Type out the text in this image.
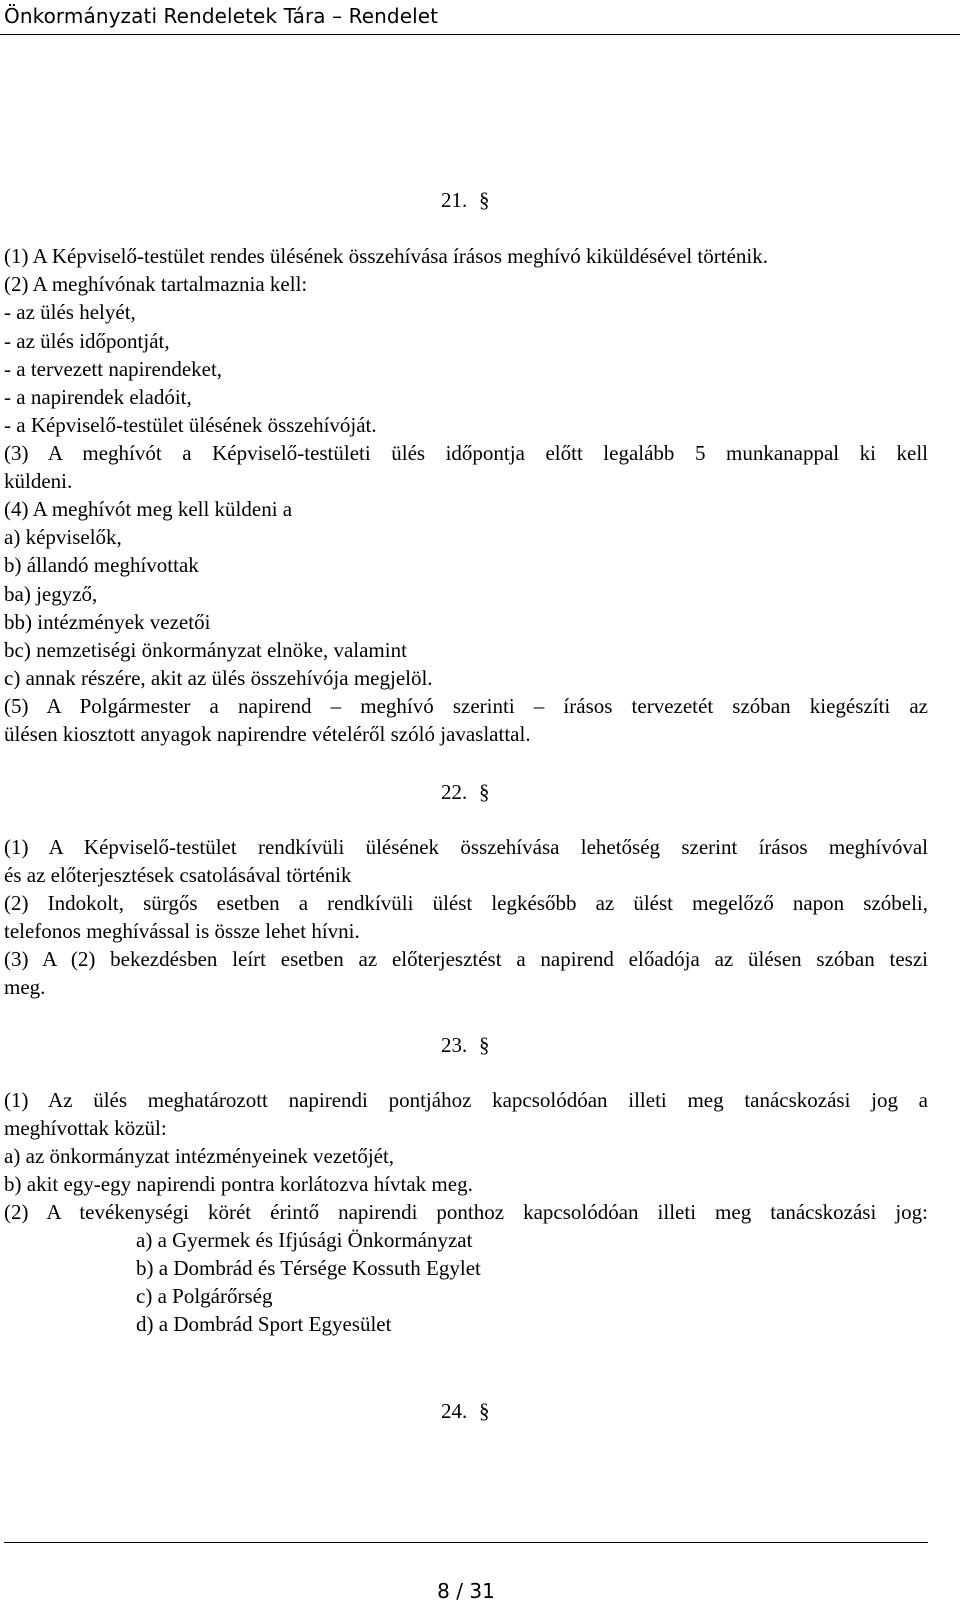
Önkormányzati Rendeletek Tára – Rendelet
21. §
(1) A Képviselő-testület rendes ülésének összehívása írásos meghívó kiküldésével történik.
(2) A meghívónak tartalmaznia kell:
- az ülés helyét,
- az ülés időpontját,
- a tervezett napirendeket,
- a napirendek eladóit,
- a Képviselő-testület ülésének összehívóját.
(3) A meghívót a Képviselő-testületi ülés időpontja előtt legalább 5 munkanappal ki kell
küldeni.
(4) A meghívót meg kell küldeni a
a) képviselők,
b) állandó meghívottak
ba) jegyző,
bb) intézmények vezetői
bc) nemzetiségi önkormányzat elnöke, valamint
c) annak részére, akit az ülés összehívója megjelöl.
(5) A Polgármester a napirend – meghívó szerinti – írásos tervezetét szóban kiegészíti az
ülésen kiosztott anyagok napirendre vételéről szóló javaslattal.
22. §
(1) A Képviselő-testület rendkívüli ülésének összehívása lehetőség szerint írásos meghívóval
és az előterjesztések csatolásával történik
(2) Indokolt, sürgős esetben a rendkívüli ülést legkésőbb az ülést megelőző napon szóbeli,
telefonos meghívással is össze lehet hívni.
(3) A (2) bekezdésben leírt esetben az előterjesztést a napirend előadója az ülésen szóban teszi
meg.
23. §
(1) Az ülés meghatározott napirendi pontjához kapcsolódóan illeti meg tanácskozási jog a
meghívottak közül:
a) az önkormányzat intézményeinek vezetőjét,
b) akit egy-egy napirendi pontra korlátozva hívtak meg.
(2) A tevékenységi körét érintő napirendi ponthoz kapcsolódóan illeti meg tanácskozási jog:
a) a Gyermek és Ifjúsági Önkormányzat
b) a Dombrád és Térsége Kossuth Egylet
c) a Polgárőrség
d) a Dombrád Sport Egyesület
24. §
8 / 31
